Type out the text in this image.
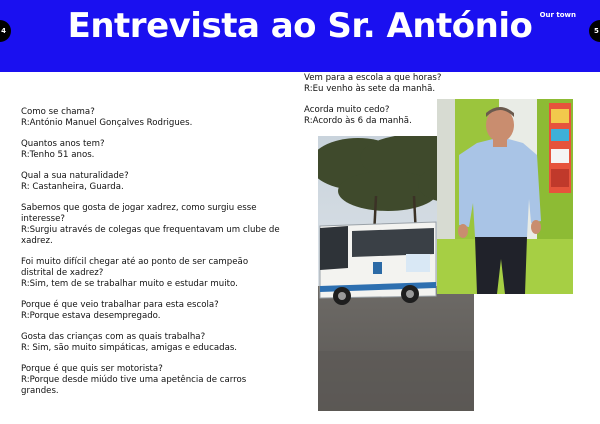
4	Entrevista ao Sr. António	Our town
5

Como se chama?
R:António Manuel Gonçalves Rodrigues.

Quantos anos tem?
R:Tenho 51 anos.

Qual a sua naturalidade?
R: Castanheira, Guarda.

Sabemos que gosta de jogar xadrez, como surgiu esse interesse?
R:Surgiu através de colegas que frequentavam um clube de xadrez.

Foi muito difícil chegar até ao ponto de ser campeão distrital de xadrez?
R:Sim, tem de se trabalhar muito e estudar muito.

Porque é que veio trabalhar para esta escola?
R:Porque estava desempregado.

Gosta das crianças com as quais trabalha?
R: Sim, são muito simpáticas, amigas e educadas.

Porque é que quis ser motorista?
R:Porque desde miúdo tive uma apetência de carros grandes.

Vem para a escola a que horas?
R:Eu venho às sete da manhã.

Acorda muito cedo?
R:Acordo às 6 da manhã.
